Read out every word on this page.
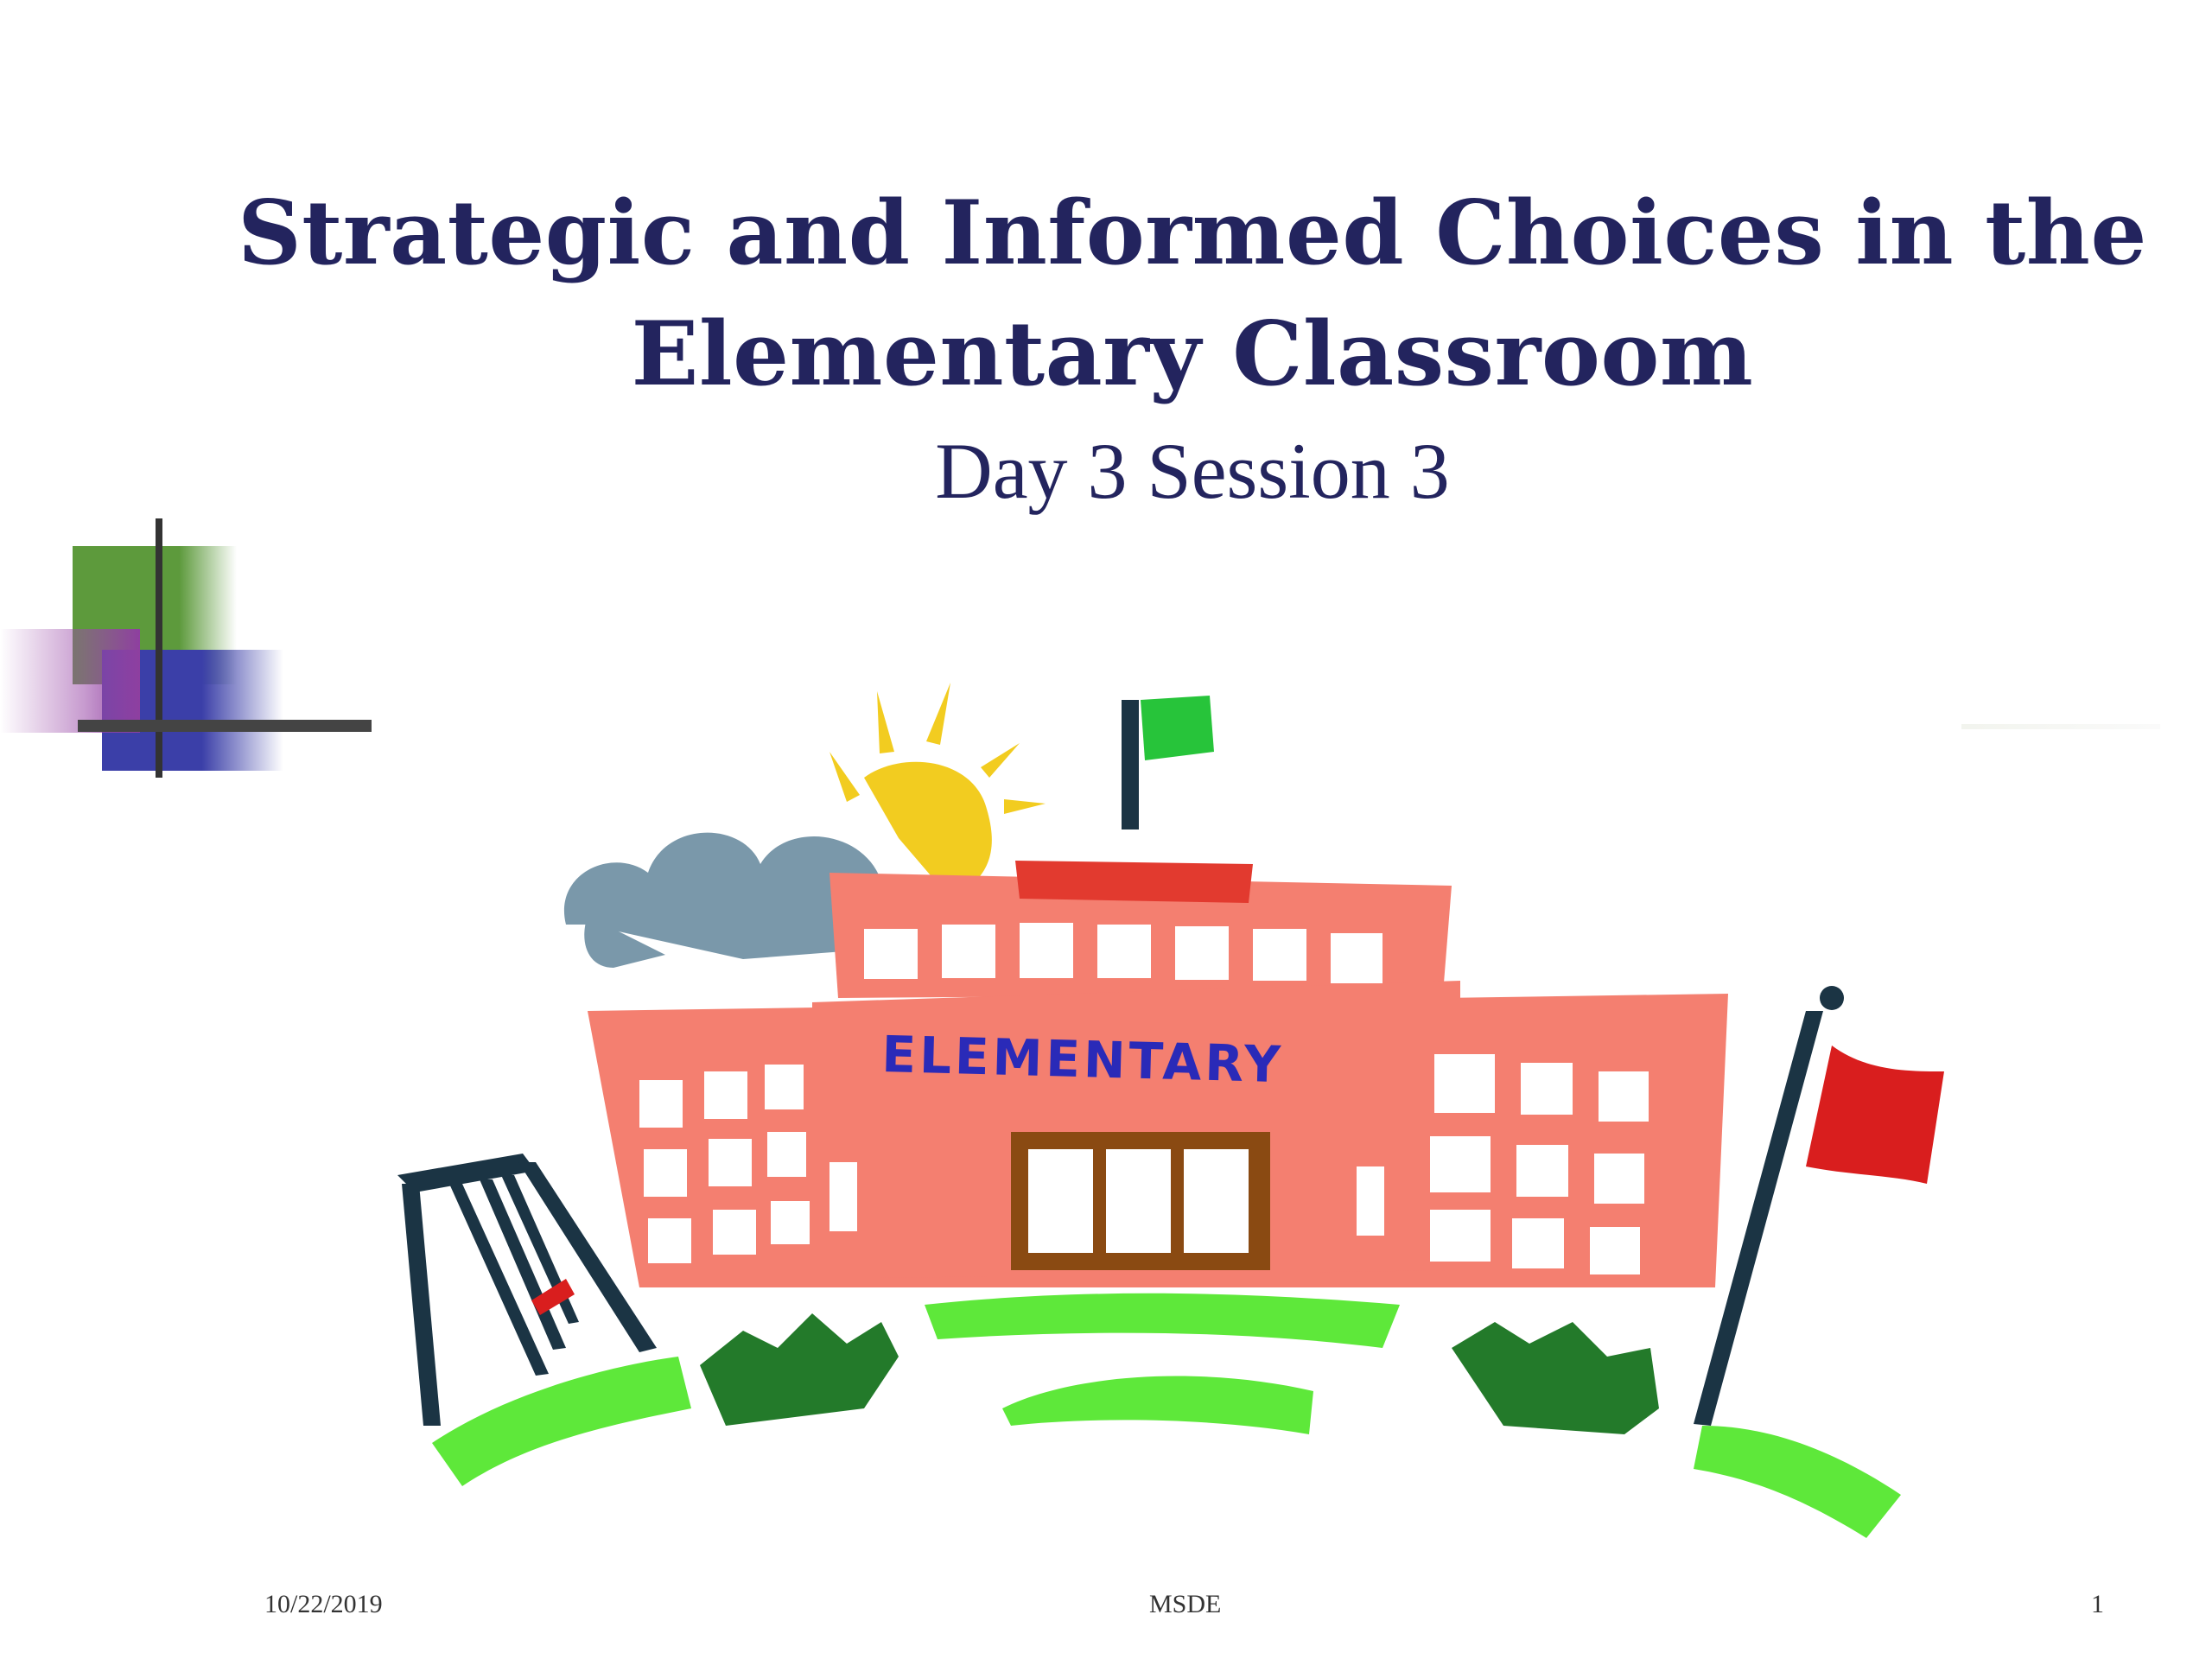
Strategic and Informed Choices in the
Elementary Classroom
Day 3 Session 3
ELEMENTARY
10/22/2019	MSDE	1
